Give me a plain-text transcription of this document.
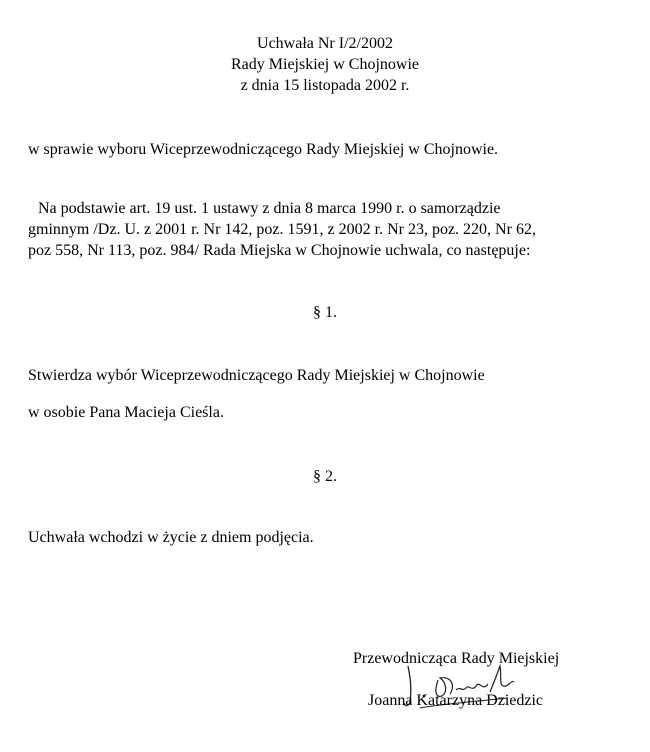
Uchwała Nr I/2/2002
Rady Miejskiej w Chojnowie
z dnia 15 listopada 2002 r.
w sprawie wyboru Wiceprzewodniczącego Rady Miejskiej w Chojnowie.
Na podstawie art. 19 ust. 1 ustawy z dnia 8 marca 1990 r. o samorządzie
gminnym /Dz. U. z 2001 r. Nr 142, poz. 1591, z 2002 r. Nr 23, poz. 220, Nr 62,
poz 558, Nr 113, poz. 984/ Rada Miejska w Chojnowie uchwala, co następuje:
§ 1.
Stwierdza wybór Wiceprzewodniczącego Rady Miejskiej w Chojnowie
w osobie Pana Macieja Cieśla.
§ 2.
Uchwała wchodzi w życie z dniem podjęcia.
Przewodnicząca Rady Miejskiej
Joanna Katarzyna Dziedzic
